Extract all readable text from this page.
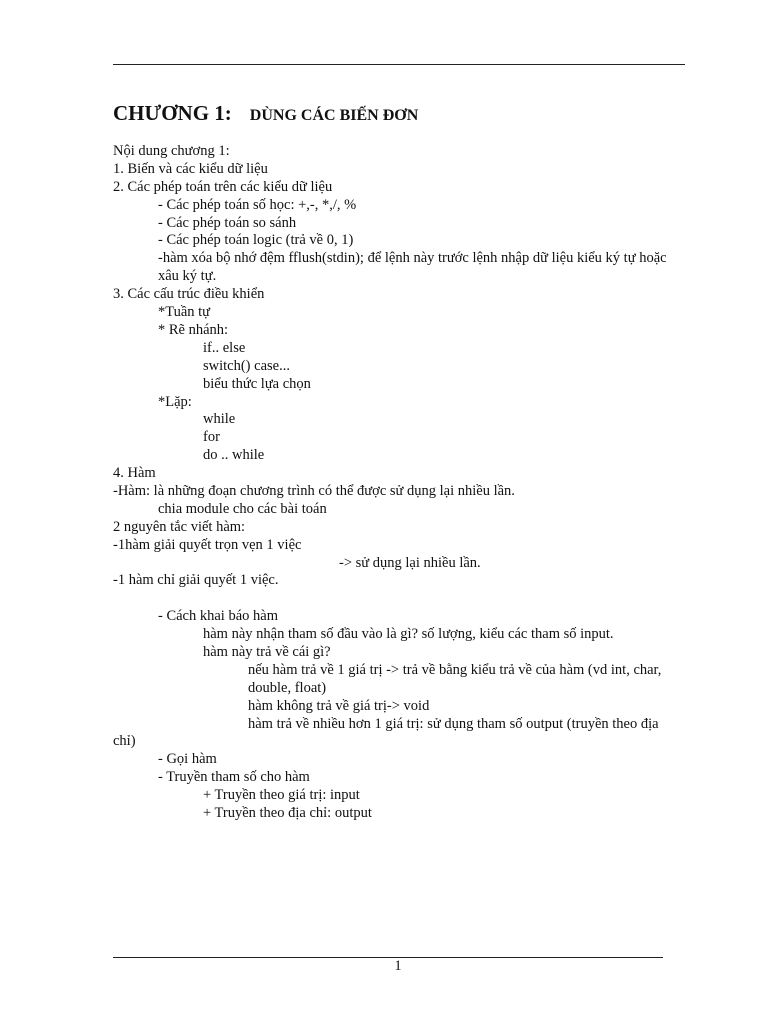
CHƯƠNG 1: DÙNG CÁC BIẾN ĐƠN
Nội dung chương 1:
1. Biến và các kiểu dữ liệu
2. Các phép toán trên các kiểu dữ liệu
- Các phép toán số học: +,-, *,/, %
- Các phép toán so sánh
- Các phép toán logic (trả về 0, 1)
-hàm xóa bộ nhớ đệm fflush(stdin); để lệnh này trước lệnh nhập dữ liệu kiểu ký tự hoặc xâu ký tự.
3. Các cấu trúc điều khiển
*Tuần tự
* Rẽ nhánh:
if.. else
switch() case...
biểu thức lựa chọn
*Lặp:
while
for
do .. while
4. Hàm
-Hàm: là những đoạn chương trình có thể được sử dụng lại nhiều lần.
chia module cho các bài toán
2 nguyên tắc viết hàm:
-1hàm giải quyết trọn vẹn 1 việc
-> sử dụng lại nhiều lần.
-1 hàm chỉ giải quyết 1 việc.
- Cách khai báo hàm
hàm này nhận tham số đầu vào là gì? số lượng, kiểu các tham số input.
hàm này trả về cái gì?
nếu hàm trả về 1 giá trị -> trả về bằng kiểu trả về của hàm (vd int, char, double, float)
hàm không trả về giá trị-> void
hàm trả về nhiều hơn 1 giá trị: sử dụng tham số output (truyền theo địa
chỉ)
- Gọi hàm
- Truyền tham số cho hàm
+ Truyền theo giá trị: input
+ Truyền theo địa chỉ: output
1
